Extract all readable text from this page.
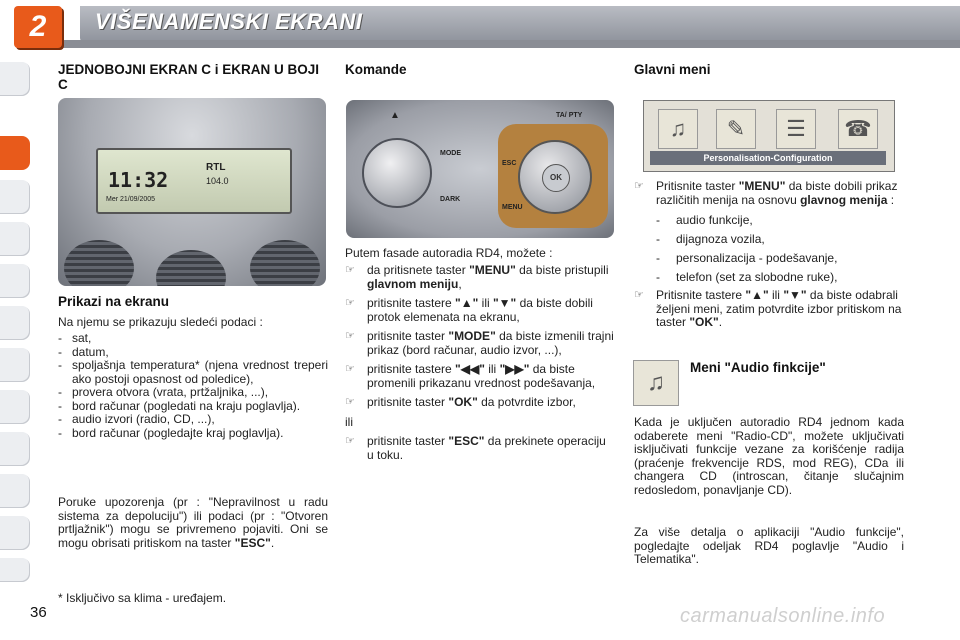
2	VIŠENAMENSKI EKRANI
JEDNOBOJNI EKRAN C i EKRAN U BOJI C
11:32
RTL
104.0
Mer 21/09/2005
Prikazi na ekranu
Na njemu se prikazuju sledeći podaci :
- sat,
- datum,
- spoljašnja temperatura* (njena vrednost treperi ako postoji opasnost od poledice),
- provera otvora (vrata, prtžaljnika, ...),
- bord računar (pogledati na kraju poglavlja).
- audio izvori (radio, CD, ...),
- bord računar (pogledajte kraj poglavlja).
Poruke upozorenja (pr : "Nepravilnost u radu sistema za depoluciju") ili podaci (pr : "Otvoren prtljažnik") mogu se privremeno pojaviti. Oni se mogu obrisati pritiskom na taster "ESC".
* Isključivo sa klima - uređajem.
Komande
MODE
DARK
OK
ESC
MENU
TA/ PTY
▲
Putem fasade autoradia RD4, možete :
☞ da pritisnete taster "MENU" da biste pristupili glavnom meniju,
☞ pritisnite tastere "▲" ili "▼" da biste dobili protok elemenata na ekranu,
☞ pritisnite taster "MODE" da biste izmenili trajni prikaz (bord računar, audio izvor, ...),
☞ pritisnite tastere "◀◀" ili "▶▶" da biste promenili prikazanu vrednost podešavanja,
☞ pritisnite taster "OK" da potvrdite izbor,
ili
☞ pritisnite taster "ESC" da prekinete operaciju u toku.
Glavni meni
♫	✎	☰	☎
Personalisation-Configuration
☞ Pritisnite taster "MENU" da biste dobili prikaz različitih menija na osnovu glavnog menija :
- audio funkcije,
- dijagnoza vozila,
- personalizacija - podešavanje,
- telefon (set za slobodne ruke),
☞ Pritisnite tastere "▲" ili "▼" da biste odabrali željeni meni, zatim potvrdite izbor pritiskom na taster "OK".
♫
Meni "Audio finkcije"
Kada je uključen autoradio RD4 jednom kada odaberete meni "Radio-CD", možete uključivati isključivati funkcije vezane za korišćenje radija (praćenje frekvencije RDS, mod REG), CDa ili changera CD (introscan, čitanje slučajnim redosledom, ponavljanje CD).
Za više detalja o aplikaciji "Audio funkcije", pogledajte odeljak RD4 poglavlje "Audio i Telematika".
36	carmanualsonline.info
